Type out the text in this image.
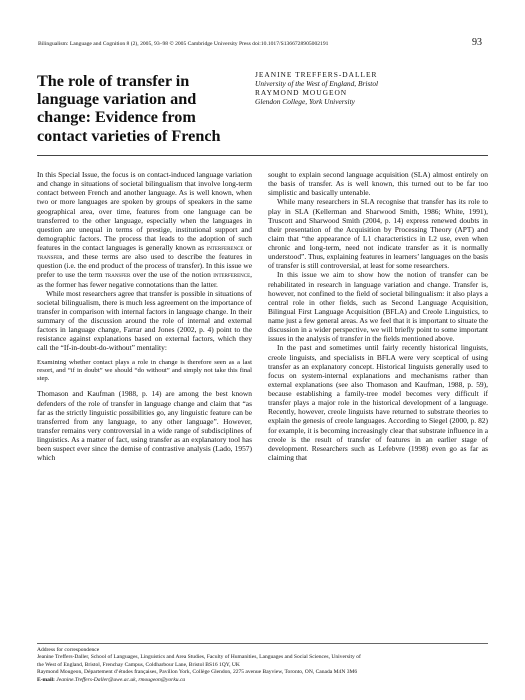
Bilingualism: Language and Cognition 8 (2), 2005, 93–98 © 2005 Cambridge University Press doi:10.1017/S1366728905002191	93
The role of transfer in language variation and change: Evidence from contact varieties of French
JEANINE TREFFERS-DALLER
University of the West of England, Bristol
RAYMOND MOUGEON
Glendon College, York University

In this Special Issue, the focus is on contact-induced language variation and change in situations of societal bilingualism that involve long-term contact between French and another language. As is well known, when two or more languages are spoken by groups of speakers in the same geographical area, over time, features from one language can be transferred to the other language, especially when the languages in question are unequal in terms of prestige, institutional support and demographic factors. The process that leads to the adoption of such features in the contact languages is generally known as interference or transfer, and these terms are also used to describe the features in question (i.e. the end product of the process of transfer). In this issue we prefer to use the term transfer over the use of the notion interference, as the former has fewer negative connotations than the latter.

While most researchers agree that transfer is possible in situations of societal bilingualism, there is much less agreement on the importance of transfer in comparison with internal factors in language change. In their summary of the discussion around the role of internal and external factors in language change, Farrar and Jones (2002, p. 4) point to the resistance against explanations based on external factors, which they call the “If-in-doubt-do-without” mentality:

Examining whether contact plays a role in change is therefore seen as a last resort, and “if in doubt” we should “do without” and simply not take this final step.

Thomason and Kaufman (1988, p. 14) are among the best known defenders of the role of transfer in language change and claim that “as far as the strictly linguistic possibilities go, any linguistic feature can be transferred from any language, to any other language”. However, transfer remains very controversial in a wide range of subdisciplines of linguistics. As a matter of fact, using transfer as an explanatory tool has been suspect ever since the demise of contrastive analysis (Lado, 1957) which

sought to explain second language acquisition (SLA) almost entirely on the basis of transfer. As is well known, this turned out to be far too simplistic and basically untenable.

While many researchers in SLA recognise that transfer has its role to play in SLA (Kellerman and Sharwood Smith, 1986; White, 1991), Truscott and Sharwood Smith (2004, p. 14) express renewed doubts in their presentation of the Acquisition by Processing Theory (APT) and claim that “the appearance of L1 characteristics in L2 use, even when chronic and long-term, need not indicate transfer as it is normally understood”. Thus, explaining features in learners’ languages on the basis of transfer is still controversial, at least for some researchers.

In this issue we aim to show how the notion of transfer can be rehabilitated in research in language variation and change. Transfer is, however, not confined to the field of societal bilingualism: it also plays a central role in other fields, such as Second Language Acquisition, Bilingual First Language Acquisition (BFLA) and Creole Linguistics, to name just a few general areas. As we feel that it is important to situate the discussion in a wider perspective, we will briefly point to some important issues in the analysis of transfer in the fields mentioned above.

In the past and sometimes until fairly recently historical linguists, creole linguists, and specialists in BFLA were very sceptical of using transfer as an explanatory concept. Historical linguists generally used to focus on system-internal explanations and mechanisms rather than external explanations (see also Thomason and Kaufman, 1988, p. 59), because establishing a family-tree model becomes very difficult if transfer plays a major role in the historical development of a language. Recently, however, creole linguists have returned to substrate theories to explain the genesis of creole languages. According to Siegel (2000, p. 82) for example, it is becoming increasingly clear that substrate influence in a creole is the result of transfer of features in an earlier stage of development. Researchers such as Lefebvre (1998) even go as far as claiming that

Address for correspondence

Jeanine Treffers-Daller, School of Languages, Linguistics and Area Studies, Faculty of Humanities, Languages and Social Sciences, University of

the West of England, Bristol, Frenchay Campus, Coldharbour Lane, Bristol BS16 1QY, UK

Raymond Mougeon, Département d’études françaises, Pavillon York, Collège Glendon, 2275 avenue Bayview, Toronto, ON, Canada M4N 3M6

E-mail: Jeanine.Treffers-Daller@uwe.ac.uk, rmougeon@yorku.ca
